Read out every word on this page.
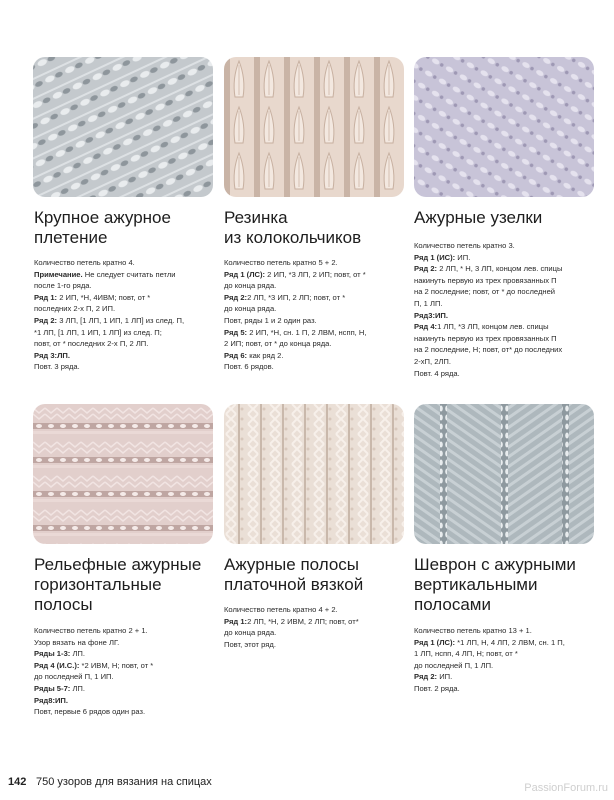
Крупное ажурное
плетение
Резинка
из колокольчиков
Ажурные узелки
Рельефные ажурные
горизонтальные
полосы
Ажурные полосы
платочной вязкой
Шеврон с ажурными
вертикальными
полосами

Количество петель кратно 4.

Примечание. Не следует считать петли

после 1-го ряда.

Ряд 1: 2 ИП, *Н, 4ИВМ; повт, от *

последних 2-х П, 2 ИП.

Ряд 2: 3 ЛП, [1 ЛП, 1 ИП, 1 ЛП] из след. П,

*1 ЛП, [1 ЛП, 1 ИП, 1 ЛП] из след. П;

повт, от * последних 2-х П, 2 ЛП.

Ряд 3:ЛП.

Повт. 3 ряда.

Количество петель кратно 5 + 2.

Ряд 1 (ЛС): 2 ИП, *3 ЛП, 2 ИП; повт, от *

до конца ряда.

Ряд 2:2 ЛП, *3 ИП, 2 ЛП; повт, от *

до конца ряда.

Повт, ряды 1 и 2 один раз.

Ряд 5: 2 ИП, *Н, сн. 1 П, 2 ЛВМ, нспп, Н,

2 ИП; повт, от * до конца ряда.

Ряд 6: как ряд 2.

Повт. 6 рядов.

Количество петель кратно 3.

Ряд 1 (ИС): ИП.

Ряд 2: 2 ЛП, * Н, 3 ЛП, концом лев. спицы

накинуть первую из трех провязанных П

на 2 последние; повт, от * до последней

П, 1 ЛП.

Ряд3:ИП.

Ряд 4:1 ЛП, *3 ЛП, концом лев. спицы

накинуть первую из трех провязанных П

на 2 последние, Н; повт, от* до последних

2-хП, 2ЛП.

Повт. 4 ряда.

Количество петель кратно 2 + 1.

Узор вязать на фоне ЛГ.

Ряды 1-3: ЛП.

Ряд 4 (И.С.): *2 ИВМ, Н; повт, от *

до последней П, 1 ИП.

Ряды 5-7: ЛП.

Ряд8:ИП.

Повт, первые 6 рядов один раз.

Количество петель кратно 4 + 2.

Ряд 1:2 ЛП, *Н, 2 ИВМ, 2 ЛП; повт, от*

до конца ряда.

Повт, этот ряд.

Количество петель кратно 13 + 1.

Ряд 1 (ЛС): *1 ЛП, Н, 4 ЛП, 2 ЛВМ, сн. 1 П,

1 ЛП, нспп, 4 ЛП, Н; повт, от *

до последней П, 1 ЛП.

Ряд 2: ИП.

Повт. 2 ряда.

142 750 узоров для вязания на спицах	PassionForum.ru
